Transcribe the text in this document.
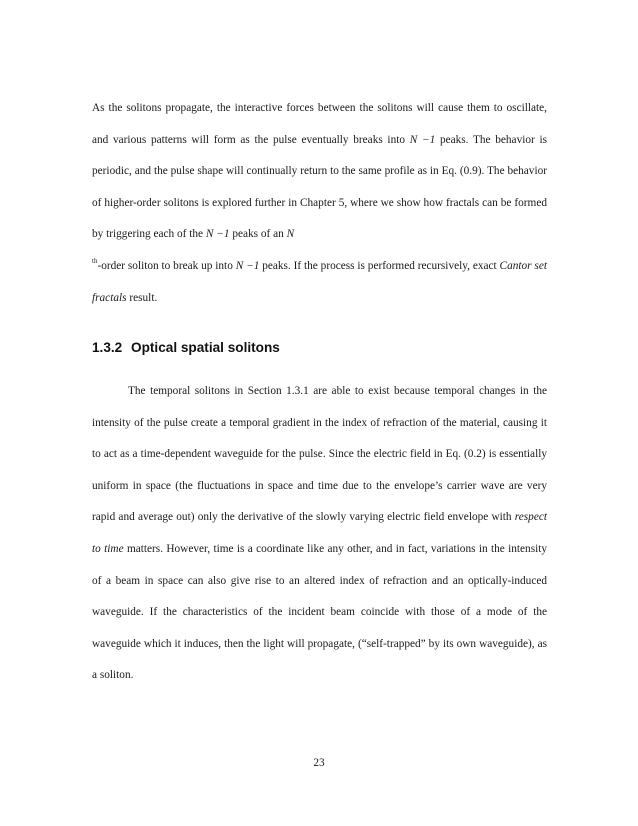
As the solitons propagate, the interactive forces between the solitons will cause them to oscillate, and various patterns will form as the pulse eventually breaks into N −1 peaks. The behavior is periodic, and the pulse shape will continually return to the same profile as in Eq. (0.9). The behavior of higher-order solitons is explored further in Chapter 5, where we show how fractals can be formed by triggering each of the N −1 peaks of an N
$^{th}$-order soliton to break up into N −1 peaks. If the process is performed recursively, exact Cantor set fractals result.

1.3.2 Optical spatial solitons

The temporal solitons in Section 1.3.1 are able to exist because temporal changes in the intensity of the pulse create a temporal gradient in the index of refraction of the material, causing it to act as a time-dependent waveguide for the pulse. Since the electric field in Eq. (0.2) is essentially uniform in space (the fluctuations in space and time due to the envelope’s carrier wave are very rapid and average out) only the derivative of the slowly varying electric field envelope with respect to time matters. However, time is a coordinate like any other, and in fact, variations in the intensity of a beam in space can also give rise to an altered index of refraction and an optically-induced waveguide. If the characteristics of the incident beam coincide with those of a mode of the waveguide which it induces, then the light will propagate, (“self-trapped” by its own waveguide), as a soliton.

23
